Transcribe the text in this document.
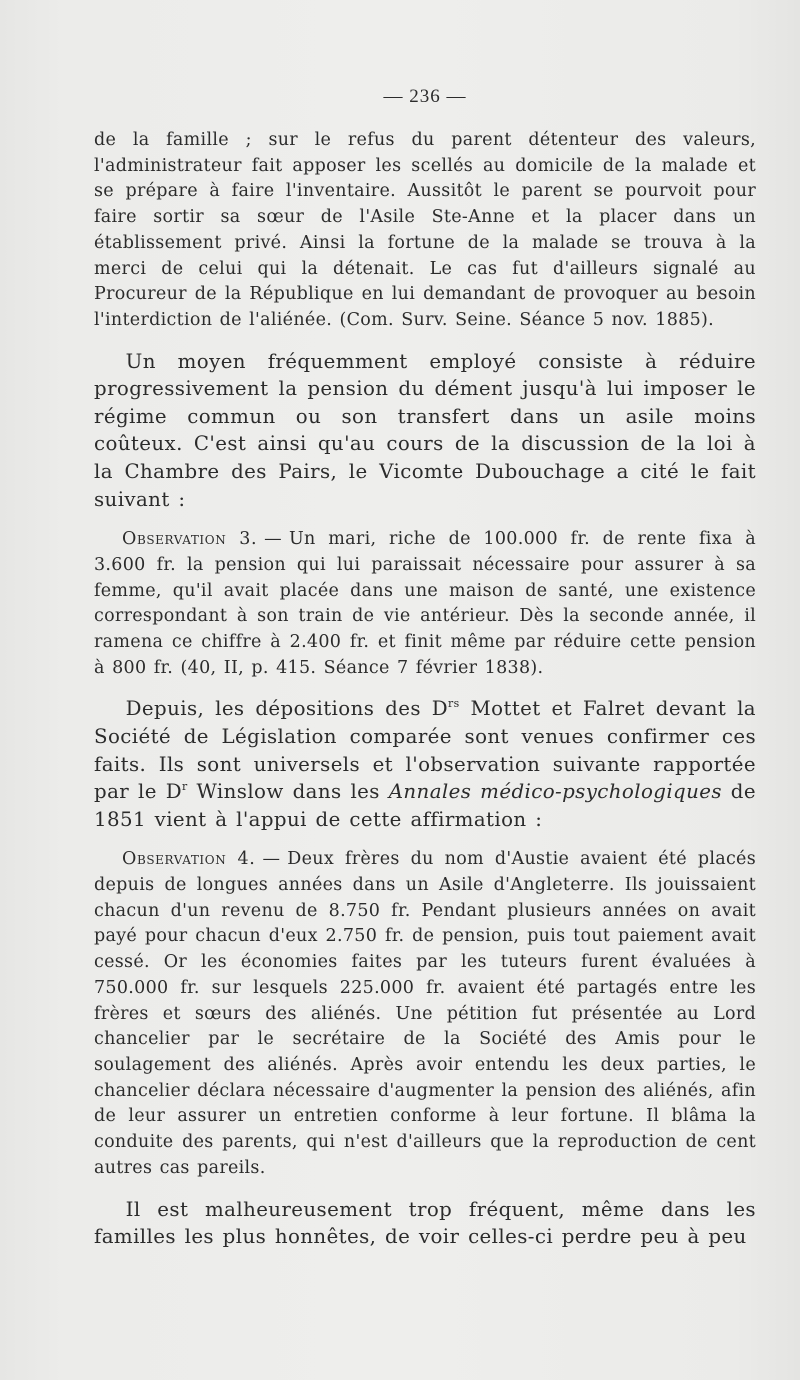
— 236 —

de la famille ; sur le refus du parent détenteur des valeurs, l'administrateur fait apposer les scellés au domicile de la malade et se prépare à faire l'inventaire. Aussitôt le parent se pourvoit pour faire sortir sa sœur de l'Asile Ste-Anne et la placer dans un établissement privé. Ainsi la fortune de la malade se trouva à la merci de celui qui la détenait. Le cas fut d'ailleurs signalé au Procureur de la République en lui demandant de provoquer au besoin l'interdiction de l'aliénée. (Com. Surv. Seine. Séance 5 nov. 1885).

Un moyen fréquemment employé consiste à réduire progressivement la pension du dément jusqu'à lui imposer le régime commun ou son transfert dans un asile moins coûteux. C'est ainsi qu'au cours de la discussion de la loi à la Chambre des Pairs, le Vicomte Dubouchage a cité le fait suivant :

Observation 3. — Un mari, riche de 100.000 fr. de rente fixa à 3.600 fr. la pension qui lui paraissait nécessaire pour assurer à sa femme, qu'il avait placée dans une maison de santé, une existence correspondant à son train de vie antérieur. Dès la seconde année, il ramena ce chiffre à 2.400 fr. et finit même par réduire cette pension à 800 fr. (40, II, p. 415. Séance 7 février 1838).

Depuis, les dépositions des $D^{rs}$ Mottet et Falret devant la Société de Législation comparée sont venues confirmer ces faits. Ils sont universels et l'observation suivante rapportée par le $D^r$ Winslow dans les Annales médico-psychologiques de 1851 vient à l'appui de cette affirmation :

Observation 4. — Deux frères du nom d'Austie avaient été placés depuis de longues années dans un Asile d'Angleterre. Ils jouissaient chacun d'un revenu de 8.750 fr. Pendant plusieurs années on avait payé pour chacun d'eux 2.750 fr. de pension, puis tout paiement avait cessé. Or les économies faites par les tuteurs furent évaluées à 750.000 fr. sur lesquels 225.000 fr. avaient été partagés entre les frères et sœurs des aliénés. Une pétition fut présentée au Lord chancelier par le secrétaire de la Société des Amis pour le soulagement des aliénés. Après avoir entendu les deux parties, le chancelier déclara nécessaire d'augmenter la pension des aliénés, afin de leur assurer un entretien conforme à leur fortune. Il blâma la conduite des parents, qui n'est d'ailleurs que la reproduction de cent autres cas pareils.

Il est malheureusement trop fréquent, même dans les familles les plus honnêtes, de voir celles-ci perdre peu à peu
